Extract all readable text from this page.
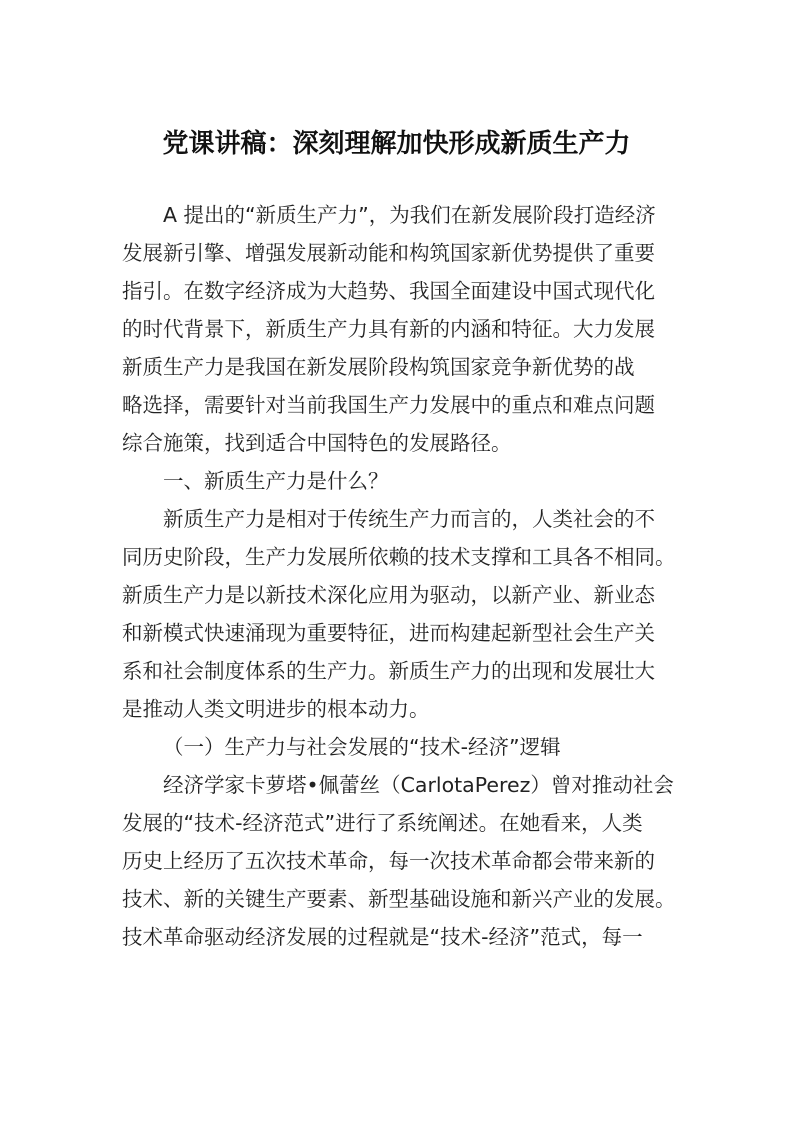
党课讲稿：深刻理解加快形成新质生产力
A 提出的“新质生产力”，为我们在新发展阶段打造经济
发展新引擎、增强发展新动能和构筑国家新优势提供了重要
指引。在数字经济成为大趋势、我国全面建设中国式现代化
的时代背景下，新质生产力具有新的内涵和特征。大力发展
新质生产力是我国在新发展阶段构筑国家竞争新优势的战
略选择，需要针对当前我国生产力发展中的重点和难点问题
综合施策，找到适合中国特色的发展路径。
一、新质生产力是什么？
新质生产力是相对于传统生产力而言的，人类社会的不
同历史阶段，生产力发展所依赖的技术支撑和工具各不相同。
新质生产力是以新技术深化应用为驱动，以新产业、新业态
和新模式快速涌现为重要特征，进而构建起新型社会生产关
系和社会制度体系的生产力。新质生产力的出现和发展壮大
是推动人类文明进步的根本动力。
（一）生产力与社会发展的“技术-经济”逻辑
经济学家卡萝塔•佩蕾丝（CarlotaPerez）曾对推动社会
发展的“技术-经济范式”进行了系统阐述。在她看来，人类
历史上经历了五次技术革命，每一次技术革命都会带来新的
技术、新的关键生产要素、新型基础设施和新兴产业的发展。
技术革命驱动经济发展的过程就是“技术-经济”范式，每一
